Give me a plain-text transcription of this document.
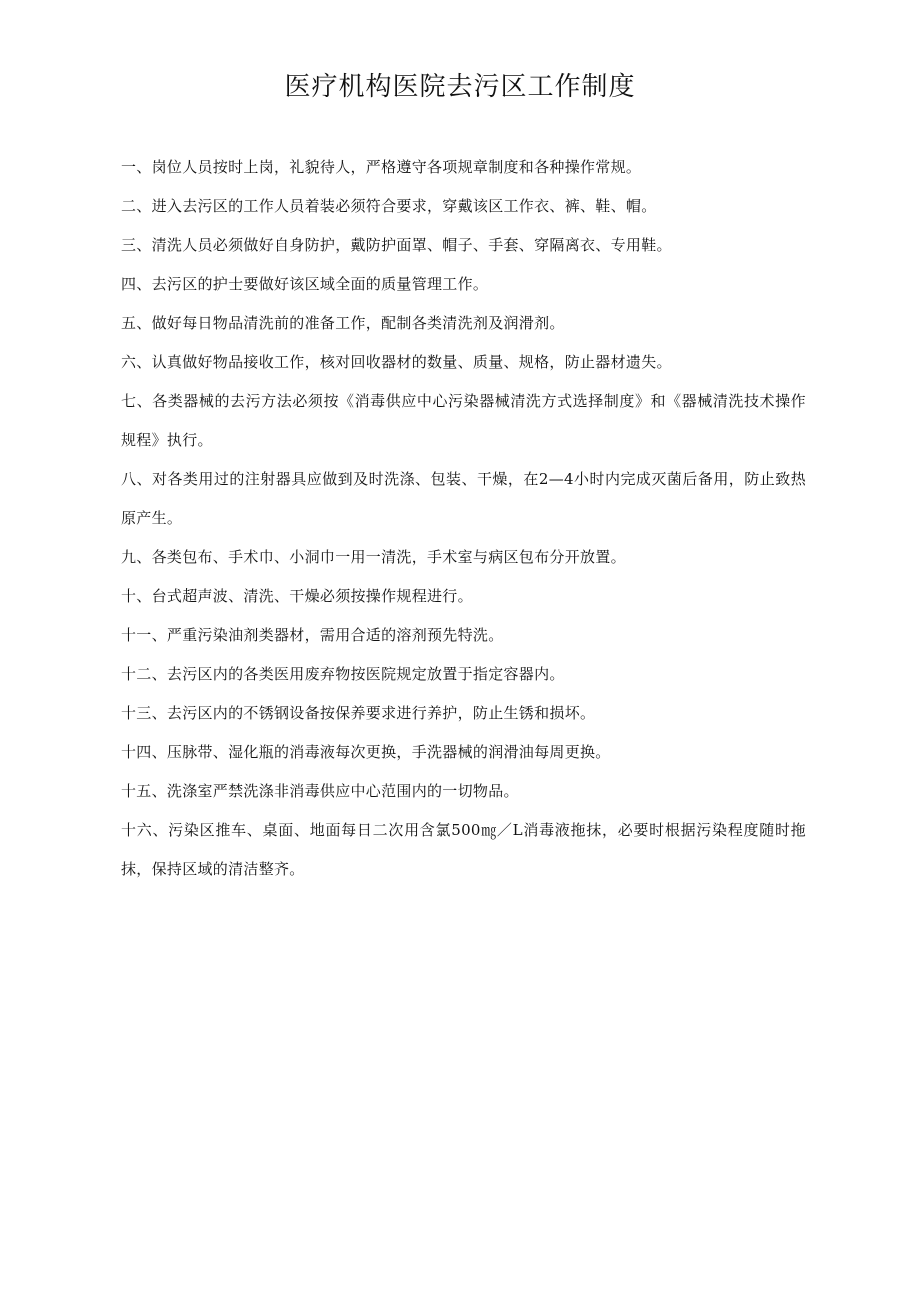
医疗机构医院去污区工作制度
一、岗位人员按时上岗，礼貌待人，严格遵守各项规章制度和各种操作常规。
二、进入去污区的工作人员着装必须符合要求，穿戴该区工作衣、裤、鞋、帽。
三、清洗人员必须做好自身防护，戴防护面罩、帽子、手套、穿隔离衣、专用鞋。
四、去污区的护士要做好该区域全面的质量管理工作。
五、做好每日物品清洗前的准备工作，配制各类清洗剂及润滑剂。
六、认真做好物品接收工作，核对回收器材的数量、质量、规格，防止器材遗失。
七、各类器械的去污方法必须按《消毒供应中心污染器械清洗方式选择制度》和《器械清洗技术操作规程》执行。
八、对各类用过的注射器具应做到及时洗涤、包装、干燥，在2—4小时内完成灭菌后备用，防止致热原产生。
九、各类包布、手术巾、小洞巾一用一清洗，手术室与病区包布分开放置。
十、台式超声波、清洗、干燥必须按操作规程进行。
十一、严重污染油剂类器材，需用合适的溶剂预先特洗。
十二、去污区内的各类医用废弃物按医院规定放置于指定容器内。
十三、去污区内的不锈钢设备按保养要求进行养护，防止生锈和损坏。
十四、压脉带、湿化瓶的消毒液每次更换，手洗器械的润滑油每周更换。
十五、洗涤室严禁洗涤非消毒供应中心范围内的一切物品。
十六、污染区推车、桌面、地面每日二次用含氯500㎎／L消毒液拖抹，必要时根据污染程度随时拖抹，保持区域的清洁整齐。
